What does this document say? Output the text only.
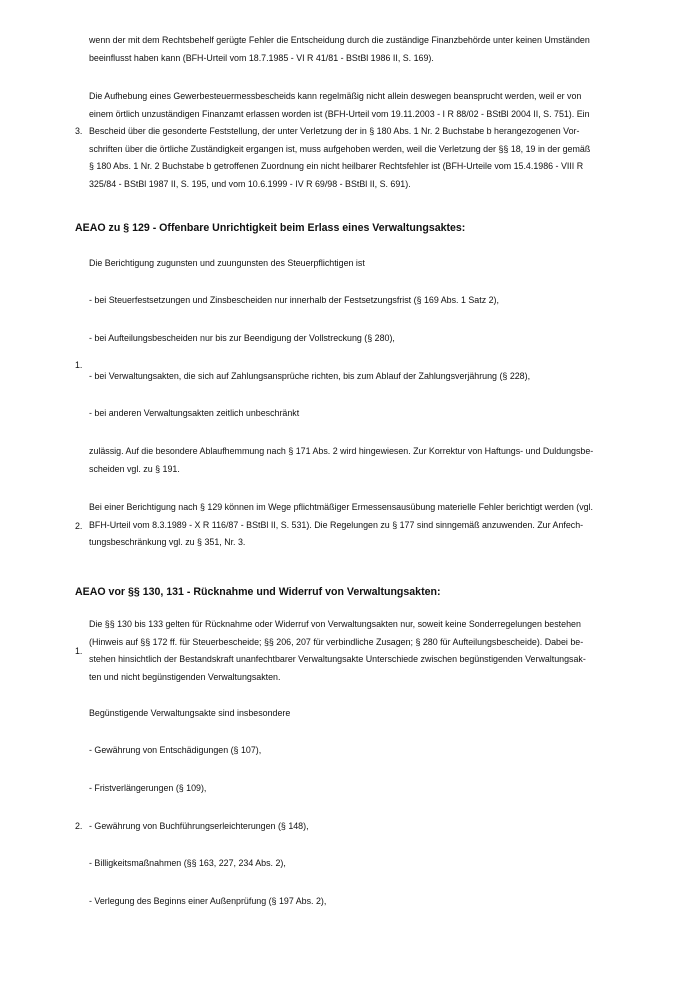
wenn der mit dem Rechtsbehelf gerügte Fehler die Entscheidung durch die zuständige Finanzbehörde unter keinen Umständen
beeinflusst haben kann (BFH-Urteil vom 18.7.1985 - VI R 41/81 - BStBl 1986 II, S. 169).
3.
Die Aufhebung eines Gewerbesteuermessbescheids kann regelmäßig nicht allein deswegen beansprucht werden, weil er von
einem örtlich unzuständigen Finanzamt erlassen worden ist (BFH-Urteil vom 19.11.2003 - I R 88/02 - BStBl 2004 II, S. 751). Ein
Bescheid über die gesonderte Feststellung, der unter Verletzung der in § 180 Abs. 1 Nr. 2 Buchstabe b herangezogenen Vor-
schriften über die örtliche Zuständigkeit ergangen ist, muss aufgehoben werden, weil die Verletzung der §§ 18, 19 in der gemäß
§ 180 Abs. 1 Nr. 2 Buchstabe b getroffenen Zuordnung ein nicht heilbarer Rechtsfehler ist (BFH-Urteile vom 15.4.1986 - VIII R
325/84 - BStBl 1987 II, S. 195, und vom 10.6.1999 - IV R 69/98 - BStBl II, S. 691).
AEAO zu § 129 - Offenbare Unrichtigkeit beim Erlass eines Verwaltungsaktes:
Die Berichtigung zugunsten und zuungunsten des Steuerpflichtigen ist
- bei Steuerfestsetzungen und Zinsbescheiden nur innerhalb der Festsetzungsfrist (§ 169 Abs. 1 Satz 2),
- bei Aufteilungsbescheiden nur bis zur Beendigung der Vollstreckung (§ 280),
1.
- bei Verwaltungsakten, die sich auf Zahlungsansprüche richten, bis zum Ablauf der Zahlungsverjährung (§ 228),
- bei anderen Verwaltungsakten zeitlich unbeschränkt
zulässig. Auf die besondere Ablaufhemmung nach § 171 Abs. 2 wird hingewiesen. Zur Korrektur von Haftungs- und Duldungsbe-
scheiden vgl. zu § 191.
2.
Bei einer Berichtigung nach § 129 können im Wege pflichtmäßiger Ermessensausübung materielle Fehler berichtigt werden (vgl.
BFH-Urteil vom 8.3.1989 - X R 116/87 - BStBl II, S. 531). Die Regelungen zu § 177 sind sinngemäß anzuwenden. Zur Anfech-
tungsbeschränkung vgl. zu § 351, Nr. 3.
AEAO vor §§ 130, 131 - Rücknahme und Widerruf von Verwaltungsakten:
1.
Die §§ 130 bis 133 gelten für Rücknahme oder Widerruf von Verwaltungsakten nur, soweit keine Sonderregelungen bestehen
(Hinweis auf §§ 172 ff. für Steuerbescheide; §§ 206, 207 für verbindliche Zusagen; § 280 für Aufteilungsbescheide). Dabei be-
stehen hinsichtlich der Bestandskraft unanfechtbarer Verwaltungsakte Unterschiede zwischen begünstigenden Verwaltungsak-
ten und nicht begünstigenden Verwaltungsakten.
Begünstigende Verwaltungsakte sind insbesondere
- Gewährung von Entschädigungen (§ 107),
- Fristverlängerungen (§ 109),
2. - Gewährung von Buchführungserleichterungen (§ 148),
- Billigkeitsmaßnahmen (§§ 163, 227, 234 Abs. 2),
- Verlegung des Beginns einer Außenprüfung (§ 197 Abs. 2),
